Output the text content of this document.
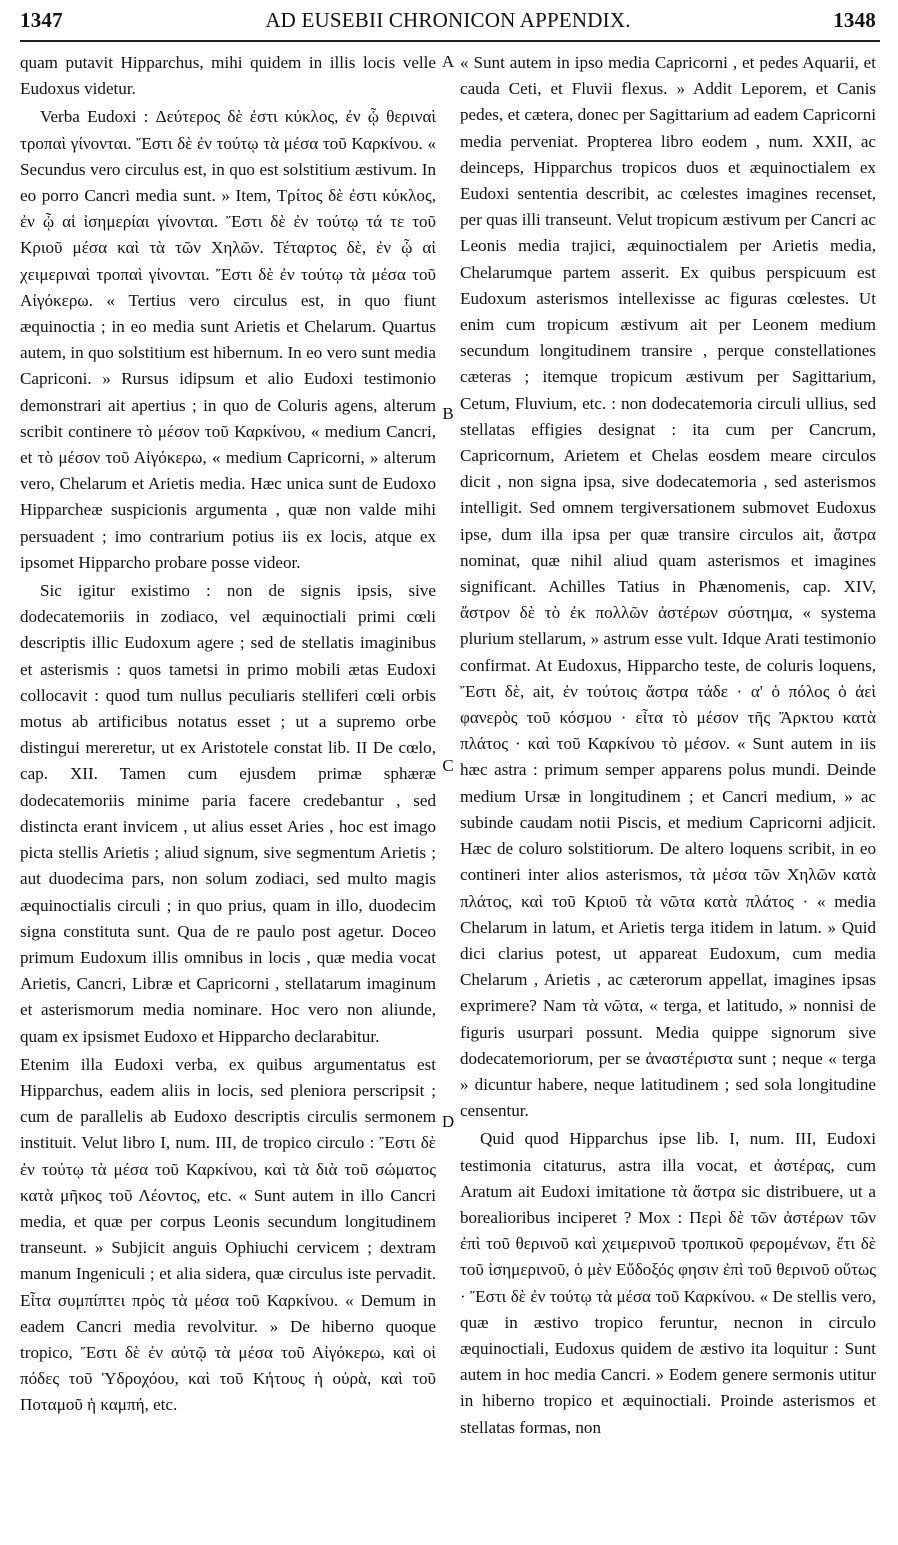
1347	AD EUSEBII CHRONICON APPENDIX.	1348

quam putavit Hipparchus, mihi quidem in illis locis velle Eudoxus videtur.

Verba Eudoxi : Δεύτερος δὲ ἐστι κύκλος, ἐν ᾧ θεριναὶ τροπαὶ γίνονται. Ἔστι δὲ ἐν τούτῳ τὰ μέσα τοῦ Καρκίνου. « Secundus vero circulus est, in quo est solstitium æstivum. In eo porro Cancri media sunt. » Item, Τρίτος δὲ ἐστι κύκλος, ἐν ᾧ αἱ ἰσημερίαι γίνονται. Ἔστι δὲ ἐν τούτῳ τά τε τοῦ Κριοῦ μέσα καὶ τὰ τῶν Χηλῶν. Τέταρτος δὲ, ἐν ᾧ αἱ χειμεριναὶ τροπαὶ γίνονται. Ἔστι δὲ ἐν τούτῳ τὰ μέσα τοῦ Αἰγόκερω. « Tertius vero circulus est, in quo fiunt æquinoctia ; in eo media sunt Arietis et Chelarum. Quartus autem, in quo solstitium est hibernum. In eo vero sunt media Capriconi. » Rursus idipsum et alio Eudoxi testimonio demonstrari ait apertius ; in quo de Coluris agens, alterum scribit continere τὸ μέσον τοῦ Καρκίνου, « medium Cancri, et τὸ μέσον τοῦ Αἰγόκερω, « medium Capricorni, » alterum vero, Chelarum et Arietis media. Hæc unica sunt de Eudoxo Hipparcheæ suspicionis argumenta , quæ non valde mihi persuadent ; imo contrarium potius iis ex locis, atque ex ipsomet Hipparcho probare posse videor.

Sic igitur existimo : non de signis ipsis, sive dodecatemoriis in zodiaco, vel æquinoctiali primi cœli descriptis illic Eudoxum agere ; sed de stellatis imaginibus et asterismis : quos tametsi in primo mobili ætas Eudoxi collocavit : quod tum nullus peculiaris stelliferi cœli orbis motus ab artificibus notatus esset ; ut a supremo orbe distingui mereretur, ut ex Aristotele constat lib. II De cœlo, cap. XII. Tamen cum ejusdem primæ sphæræ dodecatemoriis minime paria facere credebantur , sed distincta erant invicem , ut alius esset Aries , hoc est imago picta stellis Arietis ; aliud signum, sive segmentum Arietis ; aut duodecima pars, non solum zodiaci, sed multo magis æquinoctialis circuli ; in quo prius, quam in illo, duodecim signa constituta sunt. Qua de re paulo post agetur. Doceo primum Eudoxum illis omnibus in locis , quæ media vocat Arietis, Cancri, Libræ et Capricorni , stellatarum imaginum et asterismorum media nominare. Hoc vero non aliunde, quam ex ipsismet Eudoxo et Hipparcho declarabitur.

Etenim illa Eudoxi verba, ex quibus argumentatus est Hipparchus, eadem aliis in locis, sed pleniora perscripsit ; cum de parallelis ab Eudoxo descriptis circulis sermonem instituit. Velut libro I, num. III, de tropico circulo : Ἔστι δὲ ἐν τούτῳ τὰ μέσα τοῦ Καρκίνου, καὶ τὰ διὰ τοῦ σώματος κατὰ μῆκος τοῦ Λέοντος, etc. « Sunt autem in illo Cancri media, et quæ per corpus Leonis secundum longitudinem transeunt. » Subjicit anguis Ophiuchi cervicem ; dextram manum Ingeniculi ; et alia sidera, quæ circulus iste pervadit. Εἶτα συμπίπτει πρὸς τὰ μέσα τοῦ Καρκίνου. « Demum in eadem Cancri media revolvitur. » De hiberno quoque tropico, Ἔστι δὲ ἐν αὐτῷ τὰ μέσα τοῦ Αἰγόκερω, καὶ οἱ πόδες τοῦ Ὑδροχόου, καὶ τοῦ Κήτους ἡ οὐρὰ, καὶ τοῦ Ποταμοῦ ἡ καμπή, etc.

A
B
C
D

« Sunt autem in ipso media Capricorni , et pedes Aquarii, et cauda Ceti, et Fluvii flexus. » Addit Leporem, et Canis pedes, et cætera, donec per Sagittarium ad eadem Capricorni media perveniat. Propterea libro eodem , num. XXII, ac deinceps, Hipparchus tropicos duos et æquinoctialem ex Eudoxi sententia describit, ac cœlestes imagines recenset, per quas illi transeunt. Velut tropicum æstivum per Cancri ac Leonis media trajici, æquinoctialem per Arietis media, Chelarumque partem asserit. Ex quibus perspicuum est Eudoxum asterismos intellexisse ac figuras cœlestes. Ut enim cum tropicum æstivum ait per Leonem medium secundum longitudinem transire , perque constellationes cæteras ; itemque tropicum æstivum per Sagittarium, Cetum, Fluvium, etc. : non dodecatemoria circuli ullius, sed stellatas effigies designat : ita cum per Cancrum, Capricornum, Arietem et Chelas eosdem meare circulos dicit , non signa ipsa, sive dodecatemoria , sed asterismos intelligit. Sed omnem tergiversationem submovet Eudoxus ipse, dum illa ipsa per quæ transire circulos ait, ἄστρα nominat, quæ nihil aliud quam asterismos et imagines significant. Achilles Tatius in Phænomenis, cap. XIV, ἄστρον δὲ τὸ ἐκ πολλῶν ἀστέρων σύστημα, « systema plurium stellarum, » astrum esse vult. Idque Arati testimonio confirmat. At Eudoxus, Hipparcho teste, de coluris loquens, Ἔστι δὲ, ait, ἐν τούτοις ἄστρα τάδε · α' ὁ πόλος ὁ ἀεὶ φανερὸς τοῦ κόσμου · εἶτα τὸ μέσον τῆς Ἄρκτου κατὰ πλάτος · καὶ τοῦ Καρκίνου τὸ μέσον. « Sunt autem in iis hæc astra : primum semper apparens polus mundi. Deinde medium Ursæ in longitudinem ; et Cancri medium, » ac subinde caudam notii Piscis, et medium Capricorni adjicit. Hæc de coluro solstitiorum. De altero loquens scribit, in eo contineri inter alios asterismos, τὰ μέσα τῶν Χηλῶν κατὰ πλάτος, καὶ τοῦ Κριοῦ τὰ νῶτα κατὰ πλάτος · « media Chelarum in latum, et Arietis terga itidem in latum. » Quid dici clarius potest, ut appareat Eudoxum, cum media Chelarum , Arietis , ac cæterorum appellat, imagines ipsas exprimere? Nam τὰ νῶτα, « terga, et latitudo, » nonnisi de figuris usurpari possunt. Media quippe signorum sive dodecatemoriorum, per se ἀναστέριστα sunt ; neque « terga » dicuntur habere, neque latitudinem ; sed sola longitudine censentur.

Quid quod Hipparchus ipse lib. I, num. III, Eudoxi testimonia citaturus, astra illa vocat, et ἀστέρας, cum Aratum ait Eudoxi imitatione τὰ ἄστρα sic distribuere, ut a borealioribus inciperet ? Mox : Περὶ δὲ τῶν ἀστέρων τῶν ἐπὶ τοῦ θερινοῦ καὶ χειμερινοῦ τροπικοῦ φερομένων, ἔτι δὲ τοῦ ἰσημερινοῦ, ὁ μὲν Εὔδοξός φησιν ἐπὶ τοῦ θερινοῦ οὕτως · Ἔστι δὲ ἐν τούτῳ τὰ μέσα τοῦ Καρκίνου. « De stellis vero, quæ in æstivo tropico feruntur, necnon in circulo æquinoctiali, Eudoxus quidem de æstivo ita loquitur : Sunt autem in hoc media Cancri. » Eodem genere sermonis utitur in hiberno tropico et æquinoctiali. Proinde asterismos et stellatas formas, non
